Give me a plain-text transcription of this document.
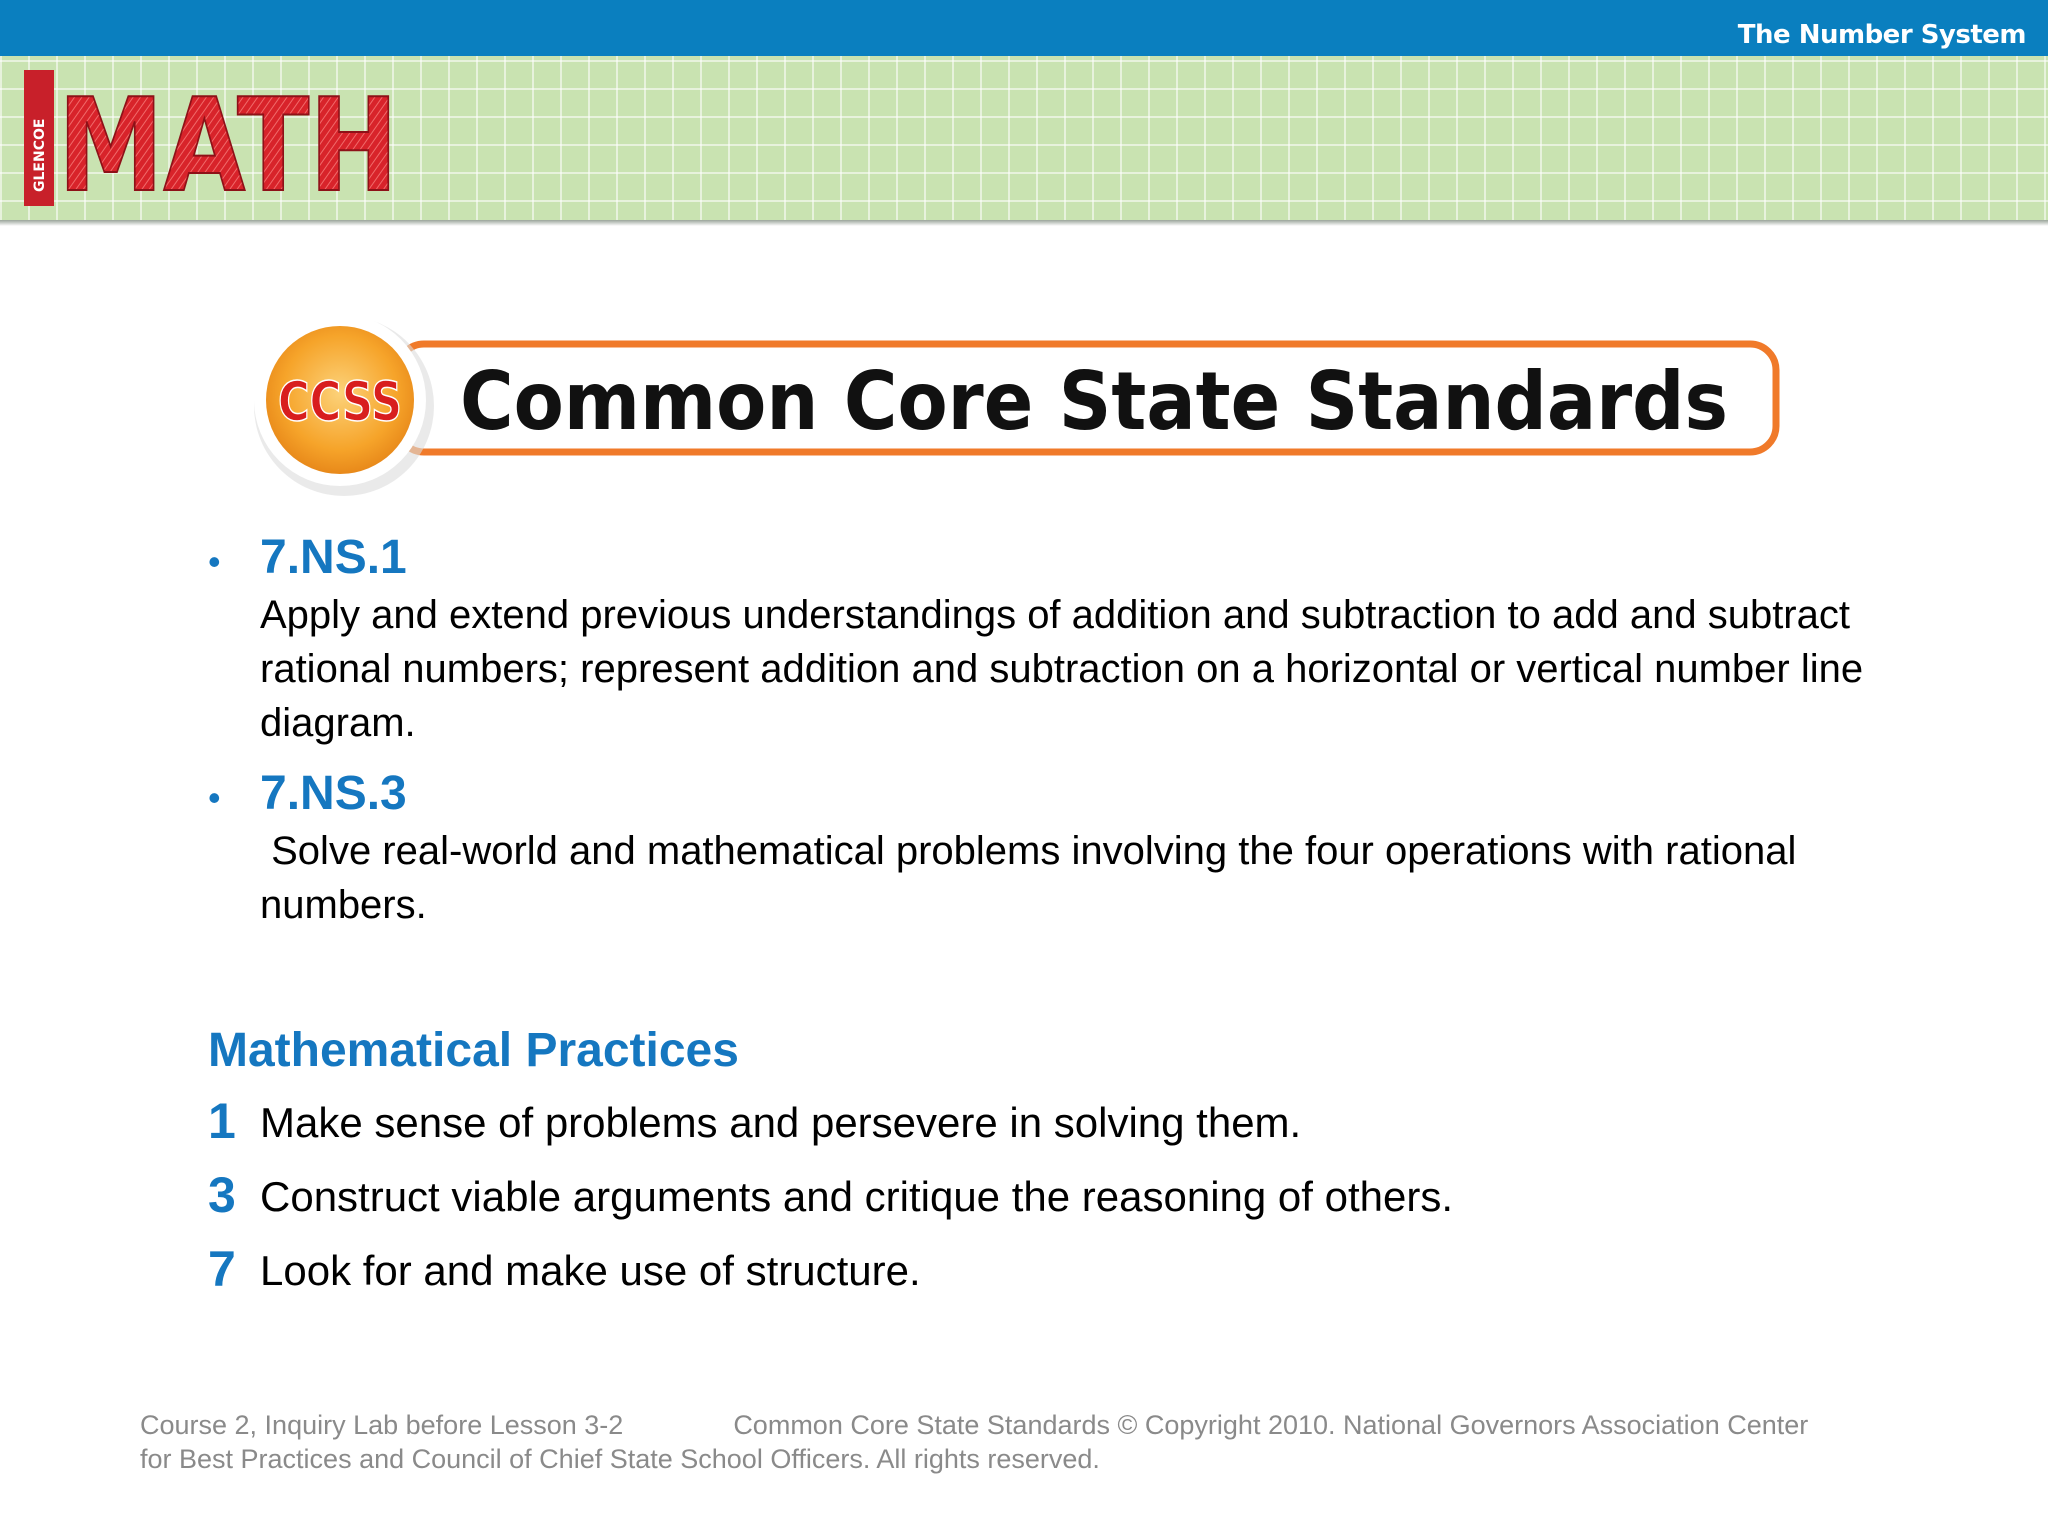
The Number System
GLENCOE MATH
CCSS Common Core State Standards
• 7.NS.1
Apply and extend previous understandings of addition and subtraction to add and subtract rational numbers; represent addition and subtraction on a horizontal or vertical number line diagram.
• 7.NS.3
Solve real-world and mathematical problems involving the four operations with rational numbers.
Mathematical Practices
1 Make sense of problems and persevere in solving them.
3 Construct viable arguments and critique the reasoning of others.
7 Look for and make use of structure.
Course 2, Inquiry Lab before Lesson 3-2	Common Core State Standards © Copyright 2010. National Governors Association Center
for Best Practices and Council of Chief State School Officers. All rights reserved.
